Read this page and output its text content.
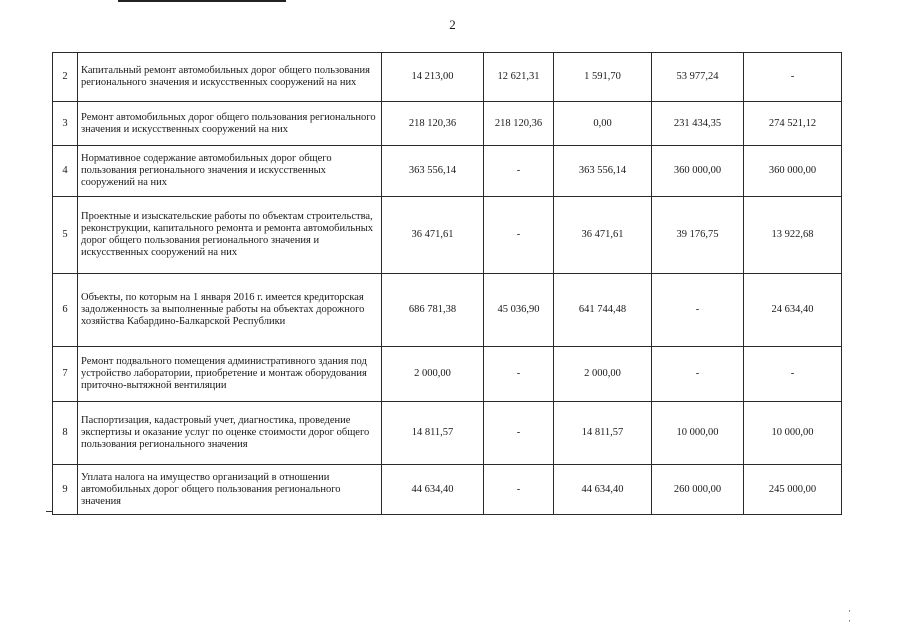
2
2	Капитальный ремонт автомобильных дорог общего пользования регионального значения и искусственных сооружений на них	14 213,00	12 621,31	1 591,70	53 977,24	-
3	Ремонт автомобильных дорог общего пользования регионального значения и искусственных сооружений на них	218 120,36	218 120,36	0,00	231 434,35	274 521,12
4	Нормативное содержание автомобильных дорог общего пользования регионального значения и искусственных сооружений на них	363 556,14	-	363 556,14	360 000,00	360 000,00
5	Проектные и изыскательские работы по объектам строительства, реконструкции, капитального ремонта и ремонта автомобильных дорог общего пользования регионального значения и искусственных сооружений на них	36 471,61	-	36 471,61	39 176,75	13 922,68
6	Объекты, по которым на 1 января 2016 г. имеется кредиторская задолженность за выполненные работы на объектах дорожного хозяйства Кабардино-Балкарской Республики	686 781,38	45 036,90	641 744,48	-	24 634,40
7	Ремонт подвального помещения административного здания под устройство лаборатории, приобретение и монтаж оборудования приточно-вытяжной вентиляции	2 000,00	-	2 000,00	-	-
8	Паспортизация, кадастровый учет, диагностика, проведение экспертизы и оказание услуг по оценке стоимости дорог общего пользования регионального значения	14 811,57	-	14 811,57	10 000,00	10 000,00
9	Уплата налога на имущество организаций в отношении автомобильных дорог общего пользования регионального значения	44 634,40	-	44 634,40	260 000,00	245 000,00
· ·
